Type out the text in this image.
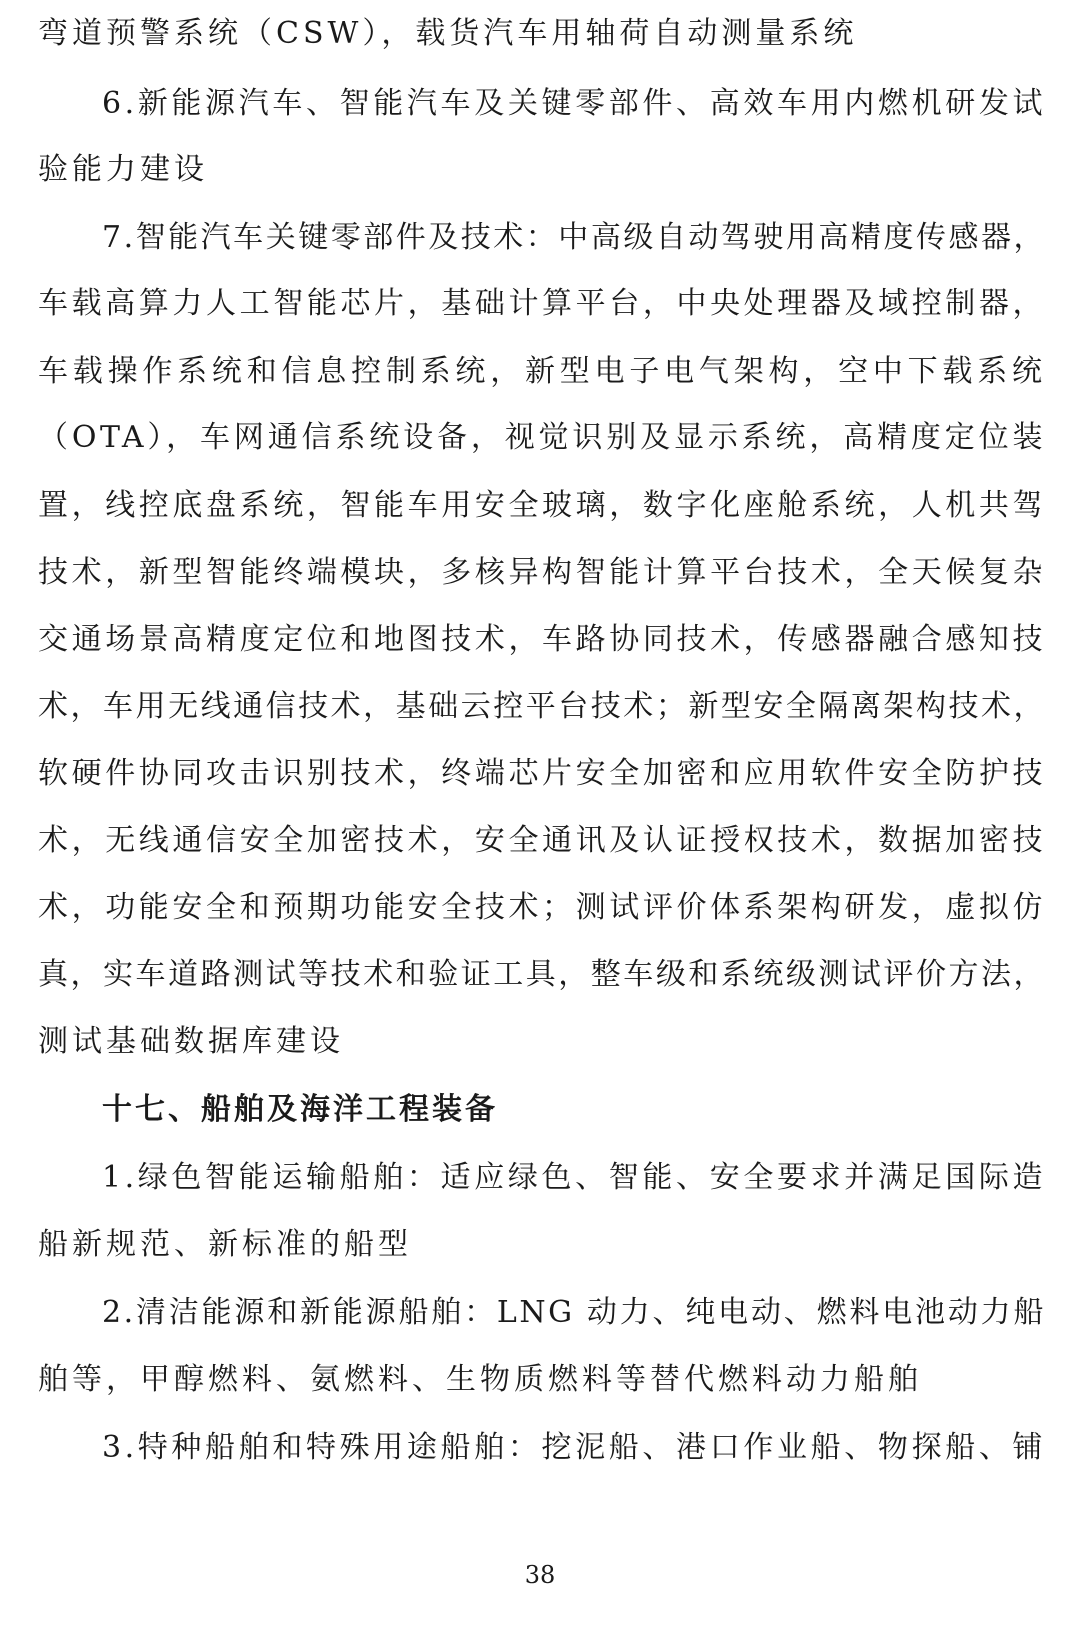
弯道预警系统（CSW），载货汽车用轴荷自动测量系统
6.新能源汽车、智能汽车及关键零部件、高效车用内燃机研发试
验能力建设
7.智能汽车关键零部件及技术：中高级自动驾驶用高精度传感器，
车载高算力人工智能芯片，基础计算平台，中央处理器及域控制器，
车载操作系统和信息控制系统，新型电子电气架构，空中下载系统
（OTA），车网通信系统设备，视觉识别及显示系统，高精度定位装
置，线控底盘系统，智能车用安全玻璃，数字化座舱系统，人机共驾
技术，新型智能终端模块，多核异构智能计算平台技术，全天候复杂
交通场景高精度定位和地图技术，车路协同技术，传感器融合感知技
术，车用无线通信技术，基础云控平台技术；新型安全隔离架构技术，
软硬件协同攻击识别技术，终端芯片安全加密和应用软件安全防护技
术，无线通信安全加密技术，安全通讯及认证授权技术，数据加密技
术，功能安全和预期功能安全技术；测试评价体系架构研发，虚拟仿
真，实车道路测试等技术和验证工具，整车级和系统级测试评价方法，
测试基础数据库建设
十七、船舶及海洋工程装备
1.绿色智能运输船舶：适应绿色、智能、安全要求并满足国际造
船新规范、新标准的船型
2.清洁能源和新能源船舶：LNG 动力、纯电动、燃料电池动力船
舶等，甲醇燃料、氨燃料、生物质燃料等替代燃料动力船舶
3.特种船舶和特殊用途船舶：挖泥船、港口作业船、物探船、铺
38
